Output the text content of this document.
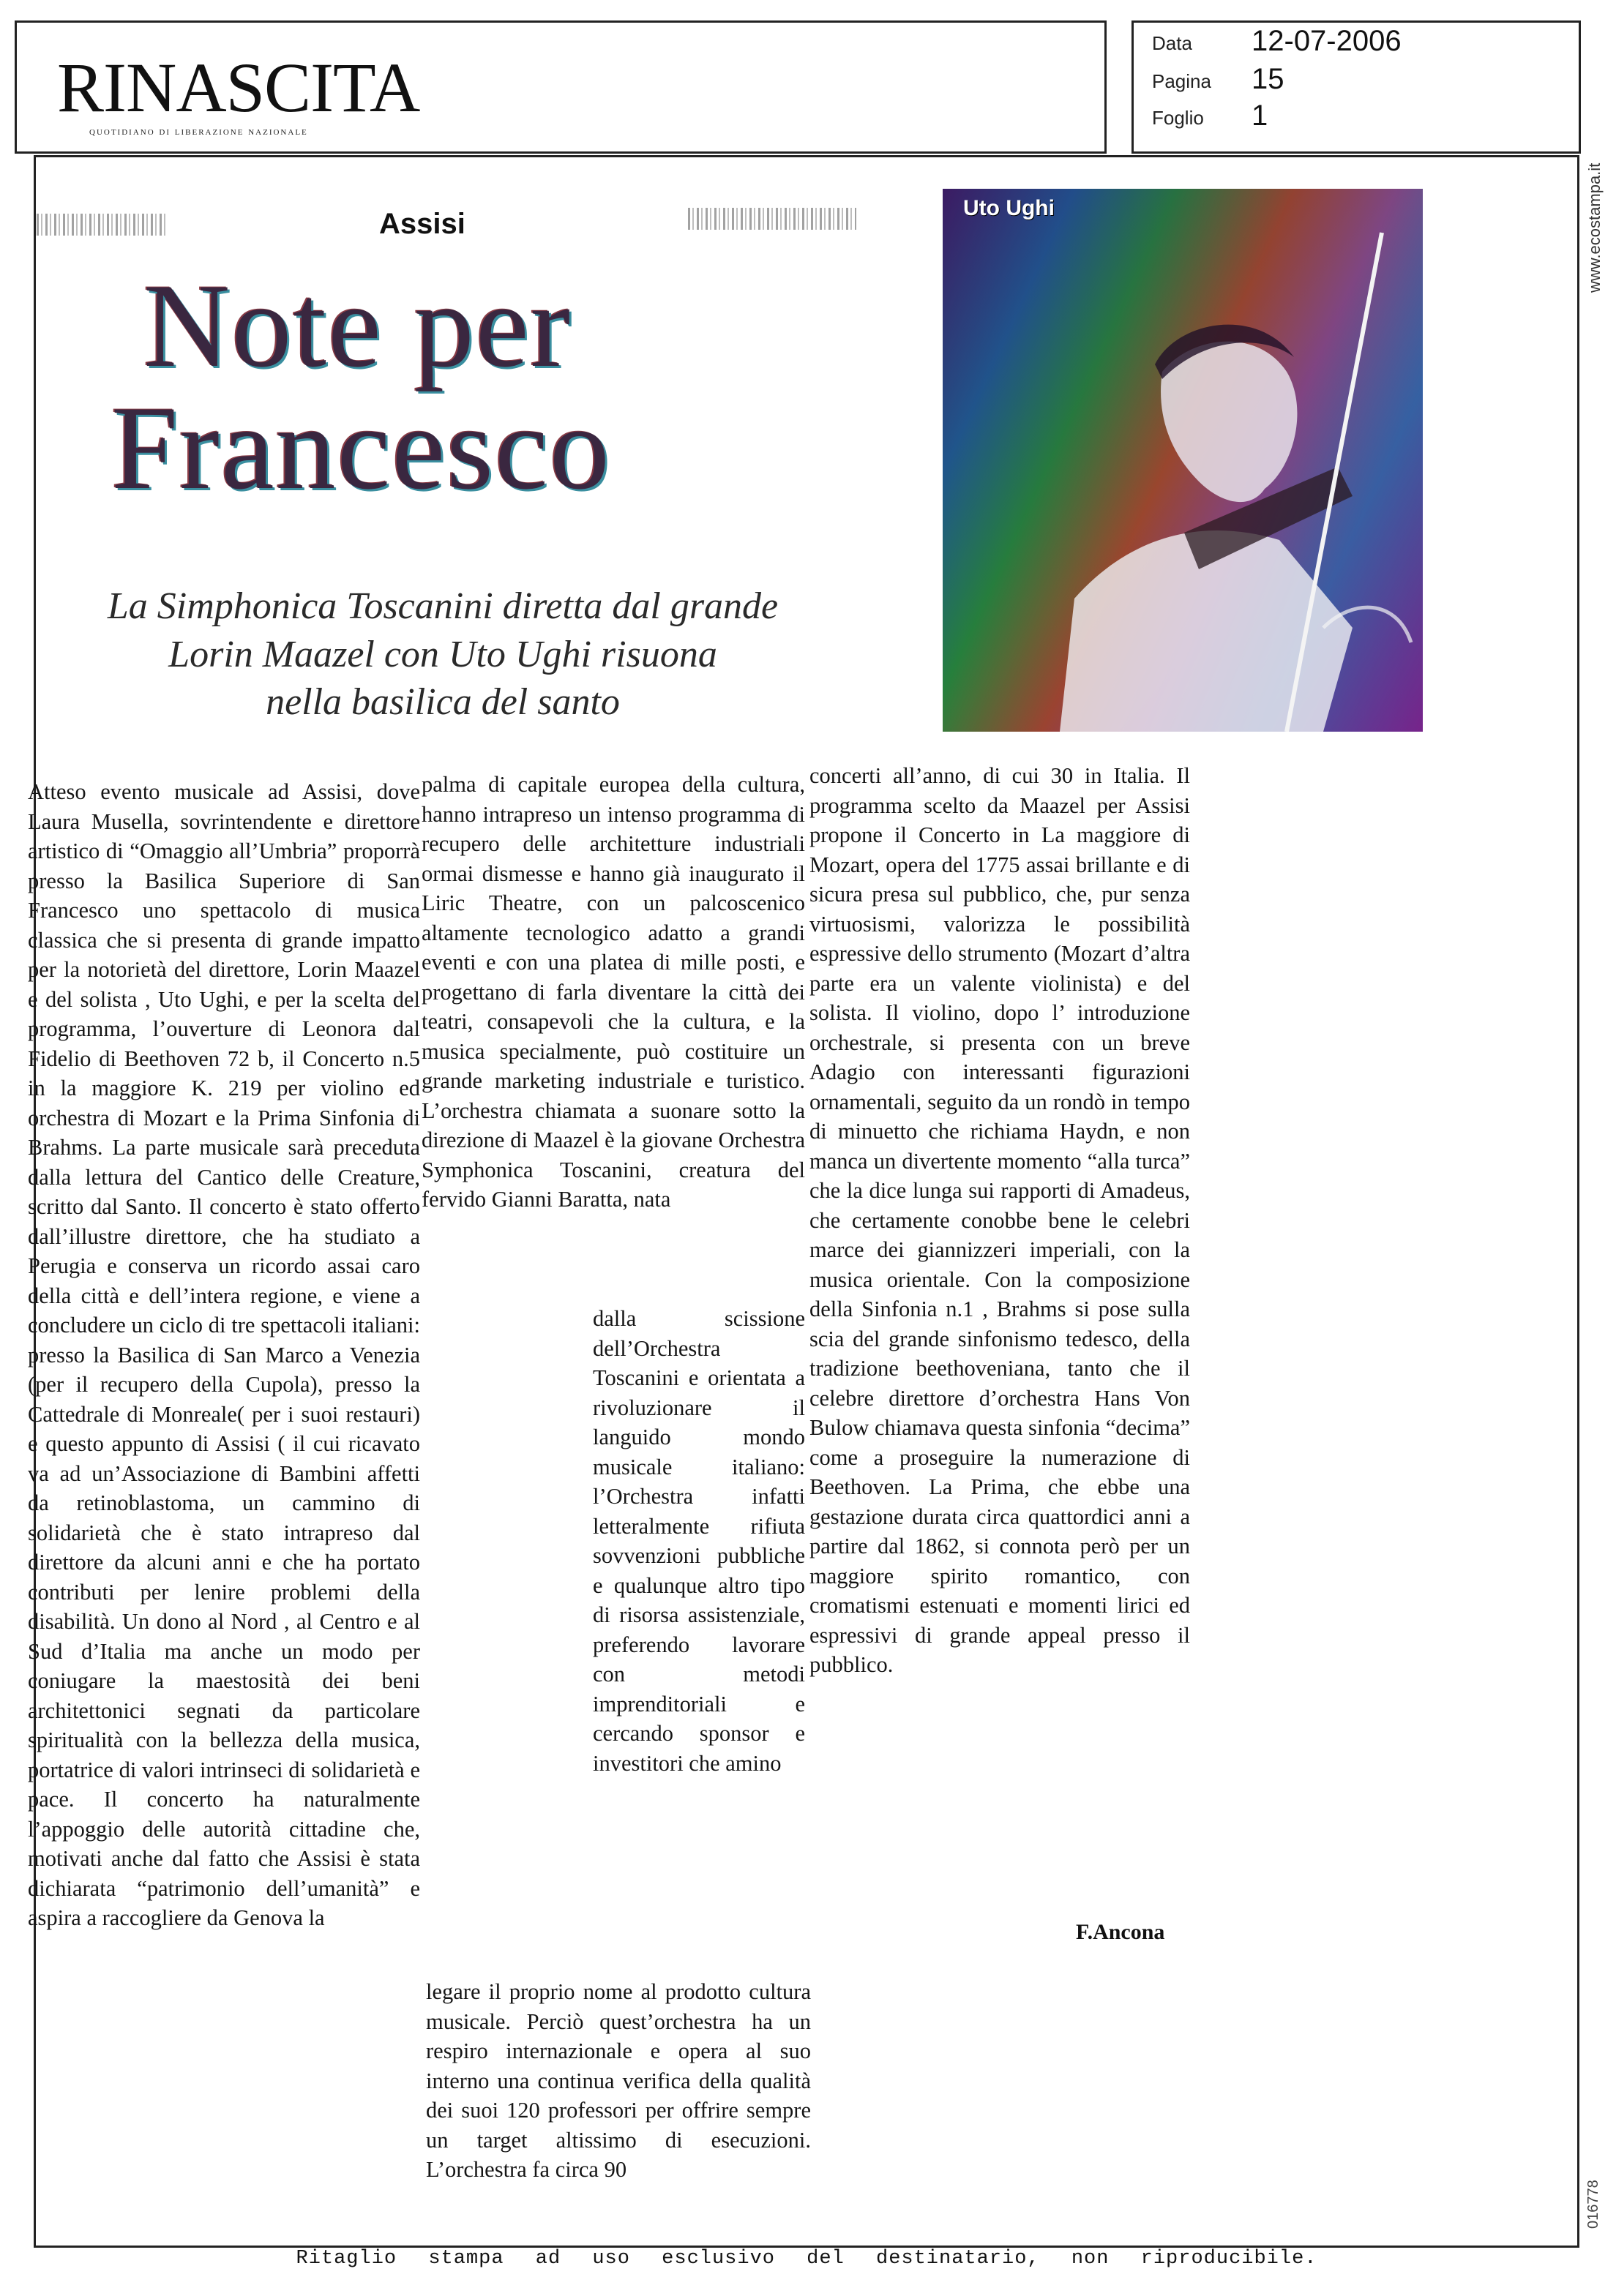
RINASCITA
quotidiano di liberazione nazionale
Data 12-07-2006
Pagina 15
Foglio 1
Assisi
Note per
Francesco
La Simphonica Toscanini diretta dal grande
Lorin Maazel con Uto Ughi risuona
nella basilica del santo
Uto Ughi
Atteso evento musicale ad Assisi, dove Laura Musella, sovrintendente e direttore artistico di “Omaggio all’Umbria” proporrà presso la Basilica Superiore di San Francesco uno spettacolo di musica classica che si presenta di grande impatto per la notorietà del direttore, Lorin Maazel e del solista , Uto Ughi, e per la scelta del programma, l’ouverture di Leonora dal Fidelio di Beethoven 72 b, il Concerto n.5 in la maggiore K. 219 per violino ed orchestra di Mozart e la Prima Sinfonia di Brahms. La parte musicale sarà preceduta dalla lettura del Cantico delle Creature, scritto dal Santo. Il concerto è stato offerto dall’illustre direttore, che ha studiato a Perugia e conserva un ricordo assai caro della città e dell’intera regione, e viene a concludere un ciclo di tre spettacoli italiani: presso la Basilica di San Marco a Venezia (per il recupero della Cupola), presso la Cattedrale di Monreale( per i suoi restauri) e questo appunto di Assisi ( il cui ricavato va ad un’Associazione di Bambini affetti da retinoblastoma, un cammino di solidarietà che è stato intrapreso dal direttore da alcuni anni e che ha portato contributi per lenire problemi della disabilità. Un dono al Nord , al Centro e al Sud d’Italia ma anche un modo per coniugare la maestosità dei beni architettonici segnati da particolare spiritualità con la bellezza della musica, portatrice di valori intrinseci di solidarietà e pace. Il concerto ha naturalmente l’appoggio delle autorità cittadine che, motivati anche dal fatto che Assisi è stata dichiarata “patrimonio dell’umanità” e aspira a raccogliere da Genova la
palma di capitale europea della cultura, hanno intrapreso un intenso programma di recupero delle architetture industriali ormai dismesse e hanno già inaugurato il Liric Theatre, con un palcoscenico altamente tecnologico adatto a grandi eventi e con una platea di mille posti, e progettano di farla diventare la città dei teatri, consapevoli che la cultura, e la musica specialmente, può costituire un grande marketing industriale e turistico. L’orchestra chiamata a suonare sotto la direzione di Maazel è la giovane Orchestra Symphonica Toscanini, creatura del fervido Gianni Baratta, nata
dalla scissione dell’Orchestra Toscanini e orientata a rivoluzionare il languido mondo musicale italiano: l’Orchestra infatti letteralmente rifiuta sovvenzioni pubbliche e qualunque altro tipo di risorsa assistenziale, preferendo lavorare con metodi imprenditoriali e cercando sponsor e investitori che amino
legare il proprio nome al prodotto cultura musicale. Perciò quest’orchestra ha un respiro internazionale e opera al suo interno una continua verifica della qualità dei suoi 120 professori per offrire sempre un target altissimo di esecuzioni. L’orchestra fa circa 90
concerti all’anno, di cui 30 in Italia. Il programma scelto da Maazel per Assisi propone il Concerto in La maggiore di Mozart, opera del 1775 assai brillante e di sicura presa sul pubblico, che, pur senza virtuosismi, valorizza le possibilità espressive dello strumento (Mozart d’altra parte era un valente violinista) e del solista. Il violino, dopo l’ introduzione orchestrale, si presenta con un breve Adagio con interessanti figurazioni ornamentali, seguito da un rondò in tempo di minuetto che richiama Haydn, e non manca un divertente momento “alla turca” che la dice lunga sui rapporti di Amadeus, che certamente conobbe bene le celebri marce dei giannizzeri imperiali, con la musica orientale. Con la composizione della Sinfonia n.1 , Brahms si pose sulla scia del grande sinfonismo tedesco, della tradizione beethoveniana, tanto che il celebre direttore d’orchestra Hans Von Bulow chiamava questa sinfonia “decima” come a proseguire la numerazione di Beethoven. La Prima, che ebbe una gestazione durata circa quattordici anni a partire dal 1862, si connota però per un maggiore spirito romantico, con cromatismi estenuati e momenti lirici ed espressivi di grande appeal presso il pubblico.
F.Ancona
www.ecostampa.it
016778
Ritaglio stampa ad uso esclusivo del destinatario, non riproducibile.
